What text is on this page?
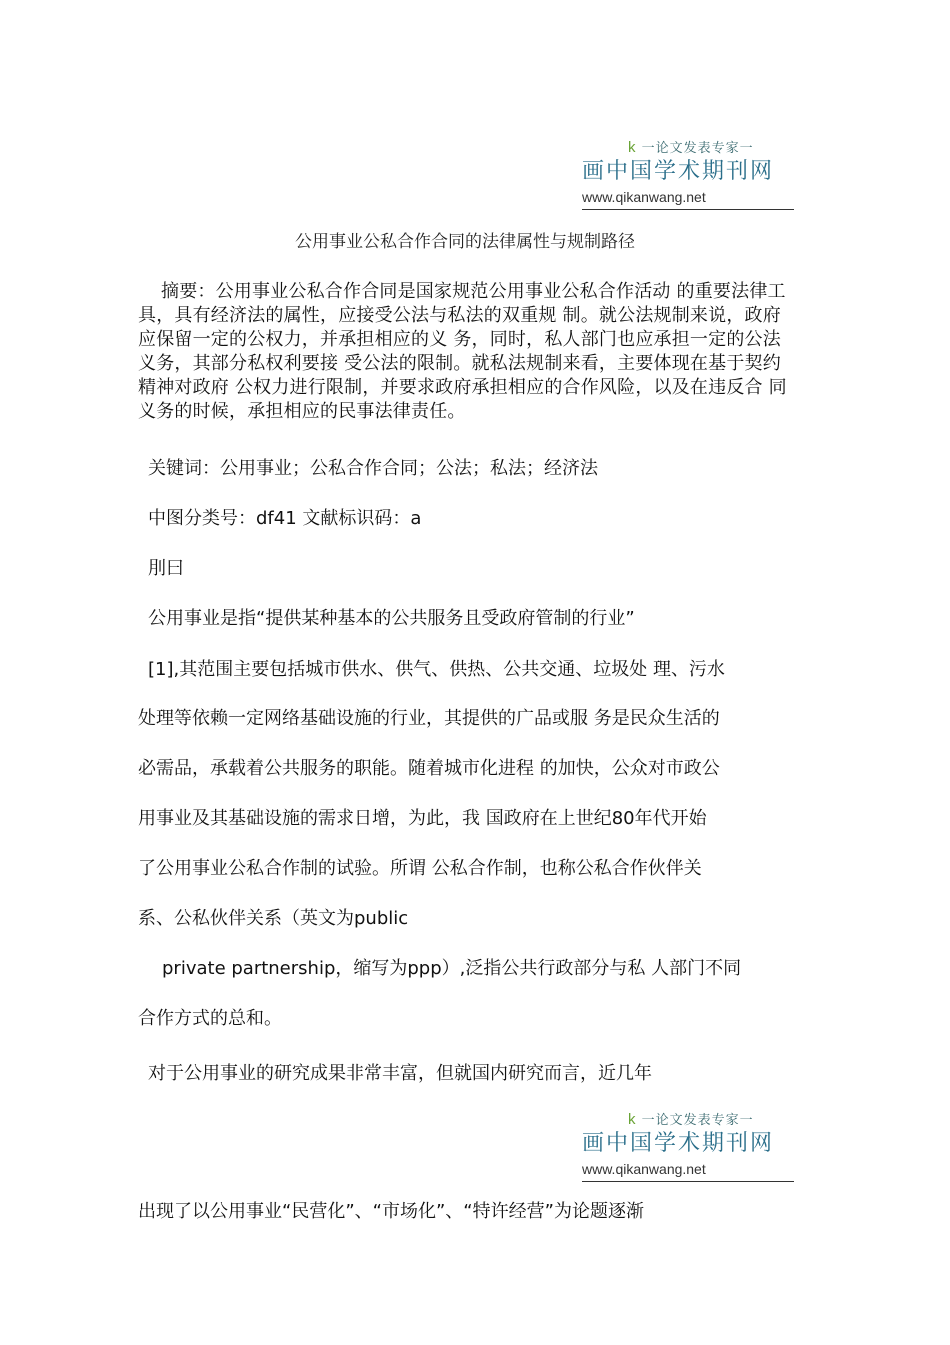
k 一论文发表专家一
画中国学术期刊网
www.qikanwang.net
公用事业公私合作合同的法律属性与规制路径
摘要：公用事业公私合作合同是国家规范公用事业公私合作活动 的重要法律工具，具有经济法的属性，应接受公法与私法的双重规 制。就公法规制来说，政府应保留一定的公权力，并承担相应的义 务，同时，私人部门也应承担一定的公法义务，其部分私权利要接 受公法的限制。就私法规制来看，主要体现在基于契约精神对政府 公权力进行限制，并要求政府承担相应的合作风险，以及在违反合 同义务的时候，承担相应的民事法律责任。
关键词：公用事业；公私合作合同；公法；私法；经济法
中图分类号：df41 文献标识码：a
刖曰
公用事业是指“提供某种基本的公共服务且受政府管制的行业”
[1],其范围主要包括城市供水、供气、供热、公共交通、垃圾处 理、污水
处理等依赖一定网络基础设施的行业，其提供的广品或服 务是民众生活的
必需品，承载着公共服务的职能。随着城市化进程 的加快，公众对市政公
用事业及其基础设施的需求日增，为此，我 国政府在上世纪80年代开始
了公用事业公私合作制的试验。所谓 公私合作制，也称公私合作伙伴关
系、公私伙伴关系（英文为public
private partnership，缩写为ppp）,泛指公共行政部分与私 人部门不同
合作方式的总和。
对于公用事业的研究成果非常丰富，但就国内研究而言，近几年
k 一论文发表专家一
画中国学术期刊网
www.qikanwang.net
出现了以公用事业“民营化”、“市场化”、“特许经营”为论题逐渐
